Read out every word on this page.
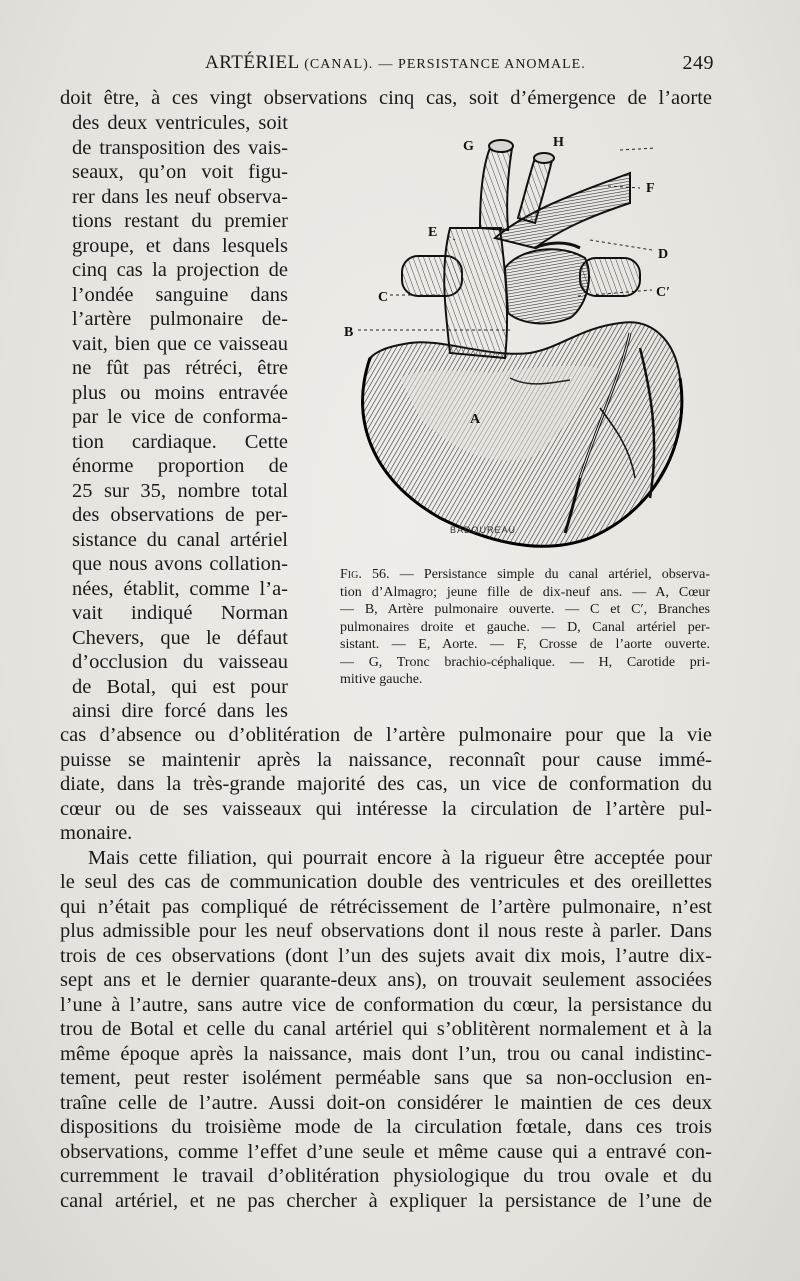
ARTÉRIEL (CANAL). — PERSISTANCE ANOMALE.	249
doit être, à ces vingt observations cinq cas, soit d’émergence de l’aorte
des deux ventricules, soit
de transposition des vais-
seaux, qu’on voit figu-
rer dans les neuf observa-
tions restant du premier
groupe, et dans lesquels
cinq cas la projection de
l’ondée sanguine dans
l’artère pulmonaire de-
vait, bien que ce vaisseau
ne fût pas rétréci, être
plus ou moins entravée
par le vice de conforma-
tion cardiaque. Cette
énorme proportion de
25 sur 35, nombre total
des observations de per-
sistance du canal artériel
que nous avons collation-
nées, établit, comme l’a-
vait indiqué Norman
Chevers, que le défaut
d’occlusion du vaisseau
de Botal, qui est pour
ainsi dire forcé dans les
G	H
F
E
D
C	C′
B
A
BADOUREAU
Fig. 56. — Persistance simple du canal artériel, observa-
tion d’Almagro; jeune fille de dix-neuf ans. — A, Cœur
— B, Artère pulmonaire ouverte. — C et C′, Branches
pulmonaires droite et gauche. — D, Canal artériel per-
sistant. — E, Aorte. — F, Crosse de l’aorte ouverte.
— G, Tronc brachio-céphalique. — H, Carotide pri-
mitive gauche.
cas d’absence ou d’oblitération de l’artère pulmonaire pour que la vie
puisse se maintenir après la naissance, reconnaît pour cause immé-
diate, dans la très-grande majorité des cas, un vice de conformation du
cœur ou de ses vaisseaux qui intéresse la circulation de l’artère pul-
monaire.
Mais cette filiation, qui pourrait encore à la rigueur être acceptée pour
le seul des cas de communication double des ventricules et des oreillettes
qui n’était pas compliqué de rétrécissement de l’artère pulmonaire, n’est
plus admissible pour les neuf observations dont il nous reste à parler. Dans
trois de ces observations (dont l’un des sujets avait dix mois, l’autre dix-
sept ans et le dernier quarante-deux ans), on trouvait seulement associées
l’une à l’autre, sans autre vice de conformation du cœur, la persistance du
trou de Botal et celle du canal artériel qui s’oblitèrent normalement et à la
même époque après la naissance, mais dont l’un, trou ou canal indistinc-
tement, peut rester isolément perméable sans que sa non-occlusion en-
traîne celle de l’autre. Aussi doit-on considérer le maintien de ces deux
dispositions du troisième mode de la circulation fœtale, dans ces trois
observations, comme l’effet d’une seule et même cause qui a entravé con-
curremment le travail d’oblitération physiologique du trou ovale et du
canal artériel, et ne pas chercher à expliquer la persistance de l’une de
